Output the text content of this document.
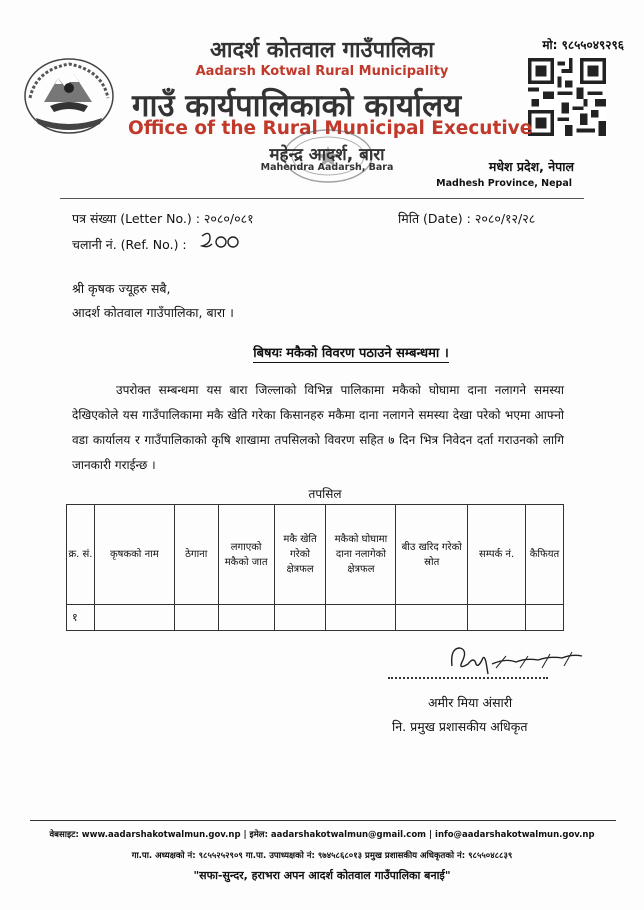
मो: ९८५५०४९२९६
आदर्श कोतवाल गाउँपालिका
Aadarsh Kotwal Rural Municipality
गाउँ कार्यपालिकाको कार्यालय
Office of the Rural Municipal Executive
महेन्द्र आदर्श, बारा
Mahendra Aadarsh, Bara	मधेश प्रदेश, नेपाल
Madhesh Province, Nepal
पत्र संख्या (Letter No.) : २०८०/०८१	मिति (Date) : २०८०/१२/२८
चलानी नं. (Ref. No.) :
श्री कृषक ज्यूहरु सबै,
आदर्श कोतवाल गाउँपालिका, बारा ।
बिषयः मकैको विवरण पठाउने सम्बन्धमा ।

उपरोक्त सम्बन्धमा यस बारा जिल्लाको विभिन्न पालिकामा मकैको घोघामा दाना नलागने समस्या देखिएकोले यस गाउँपालिकामा मकै खेति गरेका किसानहरु मकैमा दाना नलागने समस्या देखा परेको भएमा आफ्नो वडा कार्यालय र गाउँपालिकाको कृषि शाखामा तपसिलको विवरण सहित ७ दिन भित्र निवेदन दर्ता गराउनको लागि जानकारी गराईन्छ ।

तपसिल
क्र. सं.	कृषकको नाम	ठेगाना	लगाएको मकैको जात	मकै खेति गरेको क्षेत्रफल	मकैको घोघामा दाना नलागेको क्षेत्रफल	बीउ खरिद गरेको स्रोत	सम्पर्क नं.	कैफियत
१								
अमीर मिया अंसारी
नि. प्रमुख प्रशासकीय अधिकृत
वेबसाइट: www.aadarshakotwalmun.gov.np | इमेल: aadarshakotwalmun@gmail.com | info@aadarshakotwalmun.gov.np
गा.पा. अध्यक्षको नं: ९८५५२५२९०९ गा.पा. उपाध्यक्षको नं: ९७४५८६८०१३ प्रमुख प्रशासकीय अधिकृतको नं: ९८५५०४८८३९
"सफा-सुन्दर, हराभरा अपन आदर्श कोतवाल गाउँपालिका बनाई"
